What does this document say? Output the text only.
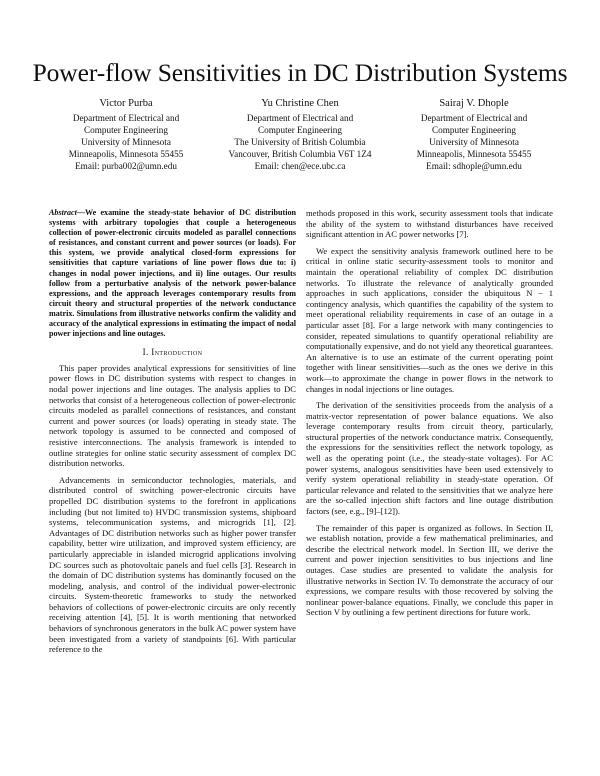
Power-flow Sensitivities in DC Distribution Systems
Victor Purba
Department of Electrical and
Computer Engineering
University of Minnesota
Minneapolis, Minnesota 55455
Email: purba002@umn.edu
Yu Christine Chen
Department of Electrical and
Computer Engineering
The University of British Columbia
Vancouver, British Columbia V6T 1Z4
Email: chen@ece.ubc.ca
Sairaj V. Dhople
Department of Electrical and
Computer Engineering
University of Minnesota
Minneapolis, Minnesota 55455
Email: sdhople@umn.edu

Abstract—We examine the steady-state behavior of DC distribution systems with arbitrary topologies that couple a heterogeneous collection of power-electronic circuits modeled as parallel connections of resistances, and constant current and power sources (or loads). For this system, we provide analytical closed-form expressions for sensitivities that capture variations of line power flows due to: i) changes in nodal power injections, and ii) line outages. Our results follow from a perturbative analysis of the network power-balance expressions, and the approach leverages contemporary results from circuit theory and structural properties of the network conductance matrix. Simulations from illustrative networks confirm the validity and accuracy of the analytical expressions in estimating the impact of nodal power injections and line outages.

I. Introduction

This paper provides analytical expressions for sensitivities of line power flows in DC distribution systems with respect to changes in nodal power injections and line outages. The analysis applies to DC networks that consist of a heterogeneous collection of power-electronic circuits modeled as parallel connections of resistances, and constant current and power sources (or loads) operating in steady state. The network topology is assumed to be connected and composed of resistive interconnections. The analysis framework is intended to outline strategies for online static security assessment of complex DC distribution networks.

Advancements in semiconductor technologies, materials, and distributed control of switching power-electronic circuits have propelled DC distribution systems to the forefront in applications including (but not limited to) HVDC transmission systems, shipboard systems, telecommunication systems, and microgrids [1], [2]. Advantages of DC distribution networks such as higher power transfer capability, better wire utilization, and improved system efficiency, are particularly appreciable in islanded microgrid applications involving DC sources such as photovoltaic panels and fuel cells [3]. Research in the domain of DC distribution systems has dominantly focused on the modeling, analysis, and control of the individual power-electronic circuits. System-theoretic frameworks to study the networked behaviors of collections of power-electronic circuits are only recently receiving attention [4], [5]. It is worth mentioning that networked behaviors of synchronous generators in the bulk AC power system have been investigated from a variety of standpoints [6]. With particular reference to the

methods proposed in this work, security assessment tools that indicate the ability of the system to withstand disturbances have received significant attention in AC power networks [7].

We expect the sensitivity analysis framework outlined here to be critical in online static security-assessment tools to monitor and maintain the operational reliability of complex DC distribution networks. To illustrate the relevance of analytically grounded approaches in such applications, consider the ubiquitous N − 1 contingency analysis, which quantifies the capability of the system to meet operational reliability requirements in case of an outage in a particular asset [8]. For a large network with many contingencies to consider, repeated simulations to quantify operational reliability are computationally expensive, and do not yield any theoretical guarantees. An alternative is to use an estimate of the current operating point together with linear sensitivities—such as the ones we derive in this work—to approximate the change in power flows in the network to changes in nodal injections or line outages.

The derivation of the sensitivities proceeds from the analysis of a matrix-vector representation of power balance equations. We also leverage contemporary results from circuit theory, particularly, structural properties of the network conductance matrix. Consequently, the expressions for the sensitivities reflect the network topology, as well as the operating point (i.e., the steady-state voltages). For AC power systems, analogous sensitivities have been used extensively to verify system operational reliability in steady-state operation. Of particular relevance and related to the sensitivities that we analyze here are the so-called injection shift factors and line outage distribution factors (see, e.g., [9]–[12]).

The remainder of this paper is organized as follows. In Section II, we establish notation, provide a few mathematical preliminaries, and describe the electrical network model. In Section III, we derive the current and power injection sensitivities to bus injections and line outages. Case studies are presented to validate the analysis for illustrative networks in Section IV. To demonstrate the accuracy of our expressions, we compare results with those recovered by solving the nonlinear power-balance equations. Finally, we conclude this paper in Section V by outlining a few pertinent directions for future work.
